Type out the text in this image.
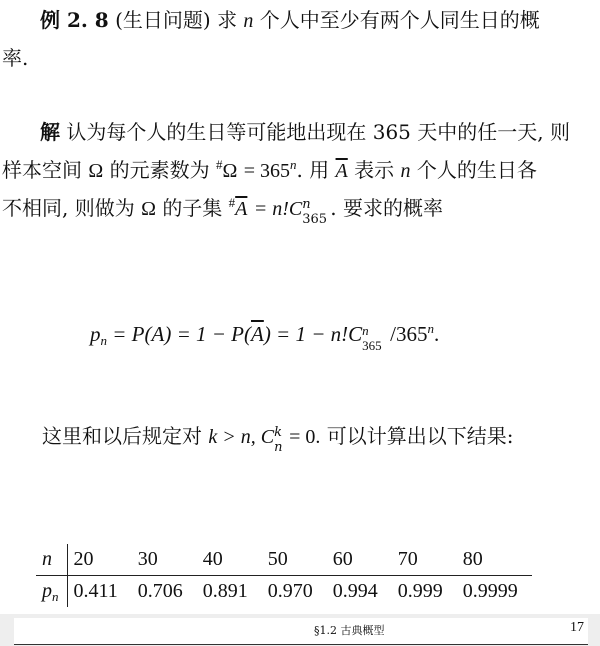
例 2. 8 (生日问题) 求 n 个人中至少有两个人同生日的概
率.
解 认为每个人的生日等可能地出现在 365 天中的任一天, 则
样本空间 Ω 的元素数为 $^{\#}\Omega = 365^n$. 用 $\overline{A}$ 表示 n 个人的生日各
不相同, 则做为 Ω 的子集 $^{\#}\overline{A} = n!C$ n
365 . 要求的概率
$p_n = P(A) = 1 - P(\overline{A}) = 1 - n!C$ n
365 /365$^n$.
这里和以后规定对 k > n, C k
n = 0. 可以计算出以下结果:
n	20	30	40	50	60	70	80
$p_n$	0.411	0.706	0.891	0.970	0.994	0.999	0.9999
§1.2 古典概型	17
